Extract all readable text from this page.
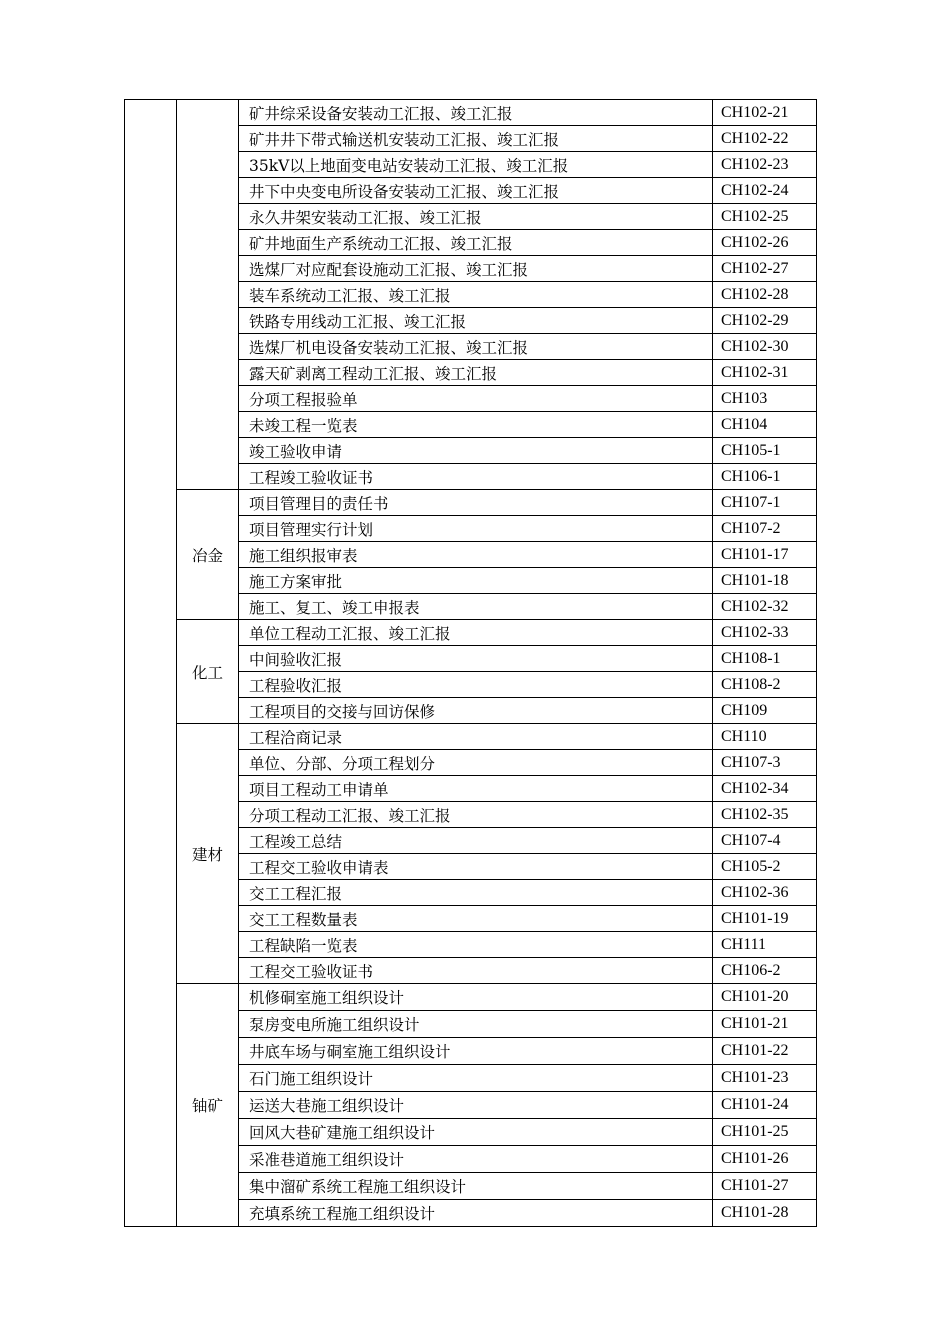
		矿井综采设备安装动工汇报、竣工汇报	CH102-21
		矿井井下带式输送机安装动工汇报、竣工汇报	CH102-22
		35kV以上地面变电站安装动工汇报、竣工汇报	CH102-23
		井下中央变电所设备安装动工汇报、竣工汇报	CH102-24
		永久井架安装动工汇报、竣工汇报	CH102-25
		矿井地面生产系统动工汇报、竣工汇报	CH102-26
		选煤厂对应配套设施动工汇报、竣工汇报	CH102-27
		装车系统动工汇报、竣工汇报	CH102-28
		铁路专用线动工汇报、竣工汇报	CH102-29
		选煤厂机电设备安装动工汇报、竣工汇报	CH102-30
		露天矿剥离工程动工汇报、竣工汇报	CH102-31
		分项工程报验单	CH103
		未竣工程一览表	CH104
		竣工验收申请	CH105-1
		工程竣工验收证书	CH106-1
	冶金	项目管理目的责任书	CH107-1
		项目管理实行计划	CH107-2
		施工组织报审表	CH101-17
		施工方案审批	CH101-18
		施工、复工、竣工申报表	CH102-32
	化工	单位工程动工汇报、竣工汇报	CH102-33
		中间验收汇报	CH108-1
		工程验收汇报	CH108-2
		工程项目的交接与回访保修	CH109
	建材	工程洽商记录	CH110
		单位、分部、分项工程划分	CH107-3
		项目工程动工申请单	CH102-34
		分项工程动工汇报、竣工汇报	CH102-35
		工程竣工总结	CH107-4
		工程交工验收申请表	CH105-2
		交工工程汇报	CH102-36
		交工工程数量表	CH101-19
		工程缺陷一览表	CH111
		工程交工验收证书	CH106-2
	铀矿	机修硐室施工组织设计	CH101-20
		泵房变电所施工组织设计	CH101-21
		井底车场与硐室施工组织设计	CH101-22
		石门施工组织设计	CH101-23
		运送大巷施工组织设计	CH101-24
		回风大巷矿建施工组织设计	CH101-25
		采准巷道施工组织设计	CH101-26
		集中溜矿系统工程施工组织设计	CH101-27
		充填系统工程施工组织设计	CH101-28
